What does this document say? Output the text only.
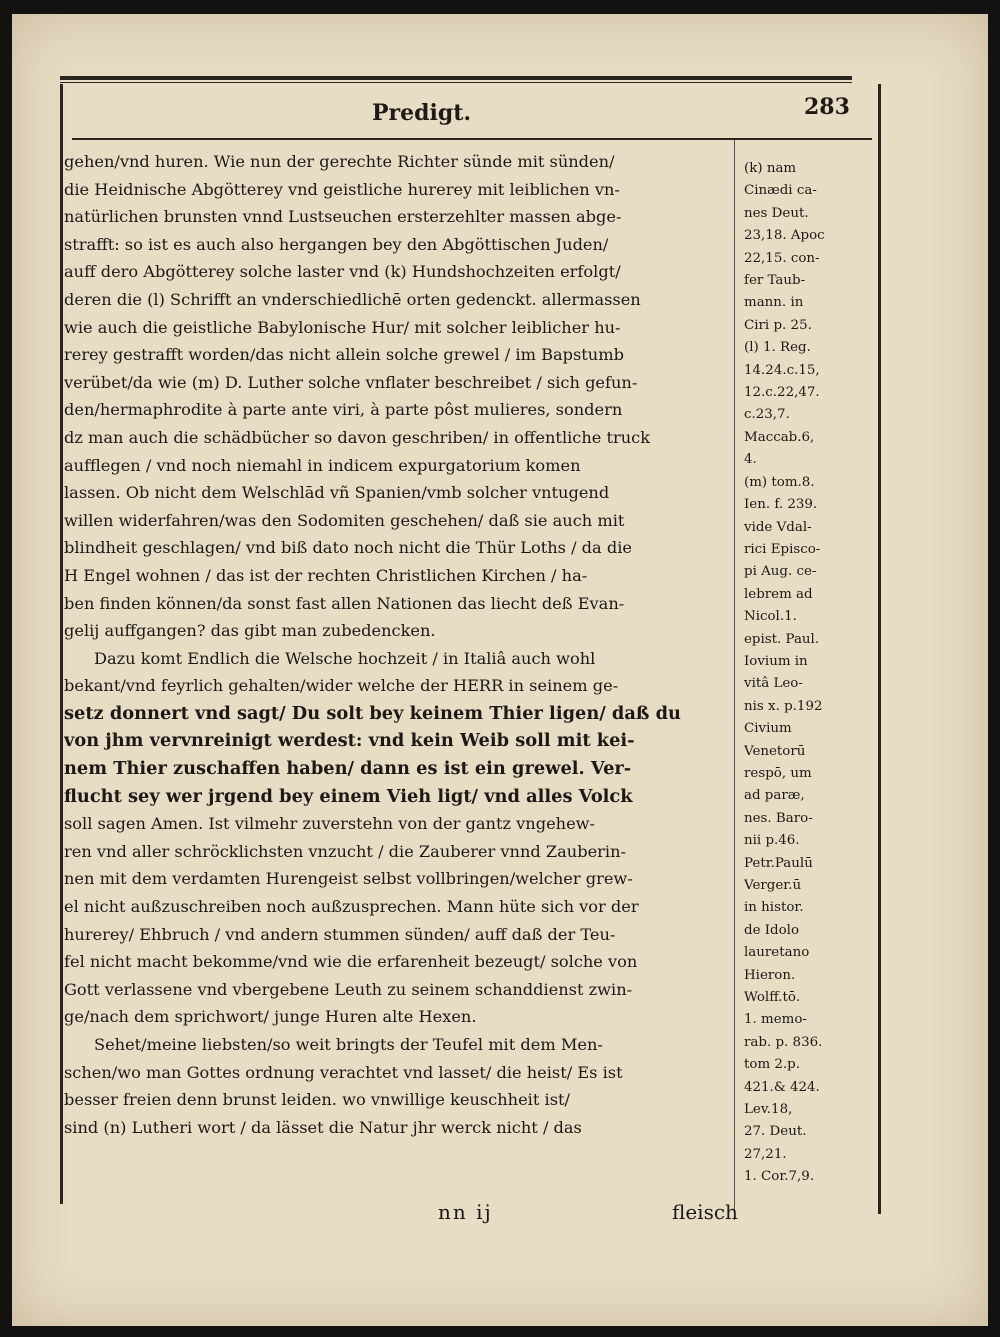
Predigt.	283
gehen/vnd huren. Wie nun der gerechte Richter sünde mit sünden/
die Heidnische Abgötterey vnd geistliche hurerey mit leiblichen vn-
natürlichen brunsten vnnd Lustseuchen ersterzehlter massen abge-
strafft: so ist es auch also hergangen bey den Abgöttischen Juden/
auff dero Abgötterey solche laster vnd (k) Hundshochzeiten erfolgt/
deren die (l) Schrifft an vnderschiedlichē orten gedenckt. allermassen
wie auch die geistliche Babylonische Hur/ mit solcher leiblicher hu-
rerey gestrafft worden/das nicht allein solche grewel / im Bapstumb
verübet/da wie (m) D. Luther solche vnflater beschreibet / sich gefun-
den/hermaphrodite à parte ante viri, à parte pôst mulieres, sondern
dz man auch die schädbücher so davon geschriben/ in offentliche truck
aufflegen / vnd noch niemahl in indicem expurgatorium komen
lassen. Ob nicht dem Welschlād vñ Spanien/vmb solcher vntugend
willen widerfahren/was den Sodomiten geschehen/ daß sie auch mit
blindheit geschlagen/ vnd biß dato noch nicht die Thür Loths / da die
H Engel wohnen / das ist der rechten Christlichen Kirchen / ha-
ben finden können/da sonst fast allen Nationen das liecht deß Evan-
gelij auffgangen? das gibt man zubedencken.
Dazu komt Endlich die Welsche hochzeit / in Italiâ auch wohl
bekant/vnd feyrlich gehalten/wider welche der HERR in seinem ge-
setz donnert vnd sagt/ Du solt bey keinem Thier ligen/ daß du
von jhm vervnreinigt werdest: vnd kein Weib soll mit kei-
nem Thier zuschaffen haben/ dann es ist ein grewel. Ver-
flucht sey wer jrgend bey einem Vieh ligt/ vnd alles Volck
soll sagen Amen. Ist vilmehr zuverstehn von der gantz vngehew-
ren vnd aller schröcklichsten vnzucht / die Zauberer vnnd Zauberin-
nen mit dem verdamten Hurengeist selbst vollbringen/welcher grew-
el nicht außzuschreiben noch außzusprechen. Mann hüte sich vor der
hurerey/ Ehbruch / vnd andern stummen sünden/ auff daß der Teu-
fel nicht macht bekomme/vnd wie die erfarenheit bezeugt/ solche von
Gott verlassene vnd vbergebene Leuth zu seinem schanddienst zwin-
ge/nach dem sprichwort/ junge Huren alte Hexen.
Sehet/meine liebsten/so weit bringts der Teufel mit dem Men-
schen/wo man Gottes ordnung verachtet vnd lasset/ die heist/ Es ist
besser freien denn brunst leiden. wo vnwillige keuschheit ist/
sind (n) Lutheri wort / da lässet die Natur jhr werck nicht / das
(k) nam
Cinædi ca-
nes Deut.
23,18. Apoc
22,15. con-
fer Taub-
mann. in
Ciri p. 25.
(l) 1. Reg.
14.24.c.15,
12.c.22,47.
c.23,7.
Maccab.6,
4.
(m) tom.8.
Ien. f. 239.
vide Vdal-
rici Episco-
pi Aug. ce-
lebrem ad
Nicol.1.
epist. Paul.
Iovium in
vitâ Leo-
nis x. p.192
Civium
Venetorū
respō, um
ad paræ,
nes. Baro-
nii p.46.
Petr.Paulū
Verger.ū
in histor.
de Idolo
lauretano
Hieron.
Wolff.tō.
1. memo-
rab. p. 836.
tom 2.p.
421.& 424.
Lev.18,
27. Deut.
27,21.
1. Cor.7,9.
nn ij	fleisch
